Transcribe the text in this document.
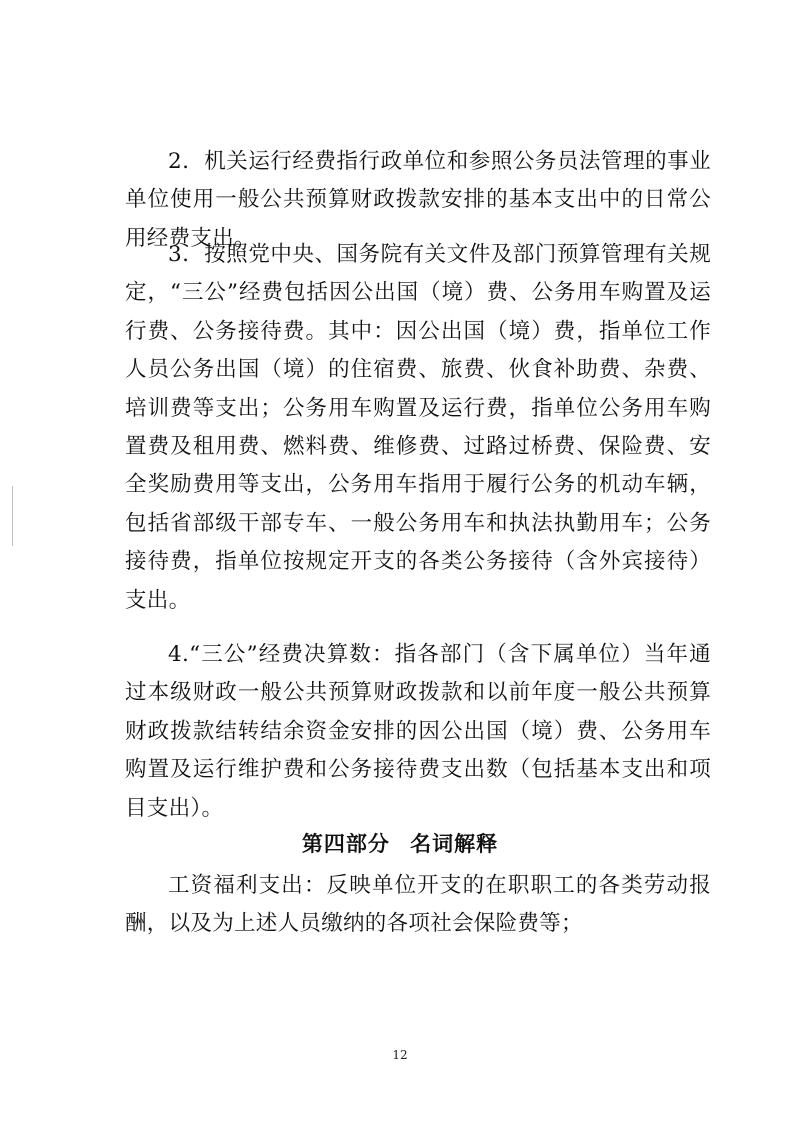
2．机关运行经费指行政单位和参照公务员法管理的事业单位使用一般公共预算财政拨款安排的基本支出中的日常公用经费支出。

3．按照党中央、国务院有关文件及部门预算管理有关规定，“三公”经费包括因公出国（境）费、公务用车购置及运行费、公务接待费。其中：因公出国（境）费，指单位工作人员公务出国（境）的住宿费、旅费、伙食补助费、杂费、培训费等支出；公务用车购置及运行费，指单位公务用车购置费及租用费、燃料费、维修费、过路过桥费、保险费、安全奖励费用等支出，公务用车指用于履行公务的机动车辆，包括省部级干部专车、一般公务用车和执法执勤用车；公务接待费，指单位按规定开支的各类公务接待（含外宾接待）支出。

4.“三公”经费决算数：指各部门（含下属单位）当年通过本级财政一般公共预算财政拨款和以前年度一般公共预算财政拨款结转结余资金安排的因公出国（境）费、公务用车购置及运行维护费和公务接待费支出数（包括基本支出和项目支出）。

第四部分 名词解释

工资福利支出：反映单位开支的在职职工的各类劳动报酬，以及为上述人员缴纳的各项社会保险费等；

12
